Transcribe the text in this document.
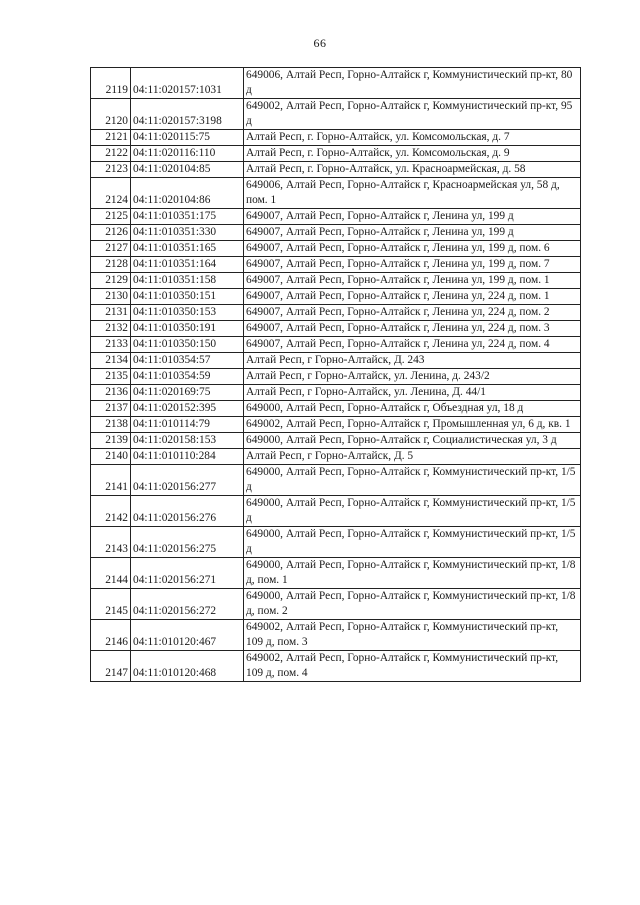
66
2119	04:11:020157:1031	649006, Алтай Респ, Горно-Алтайск г, Коммунистический пр-кт, 80 д
2120	04:11:020157:3198	649002, Алтай Респ, Горно-Алтайск г, Коммунистический пр-кт, 95 д
2121	04:11:020115:75	Алтай Респ, г. Горно-Алтайск, ул. Комсомольская, д. 7
2122	04:11:020116:110	Алтай Респ, г. Горно-Алтайск, ул. Комсомольская, д. 9
2123	04:11:020104:85	Алтай Респ, г. Горно-Алтайск, ул. Красноармейская, д. 58
2124	04:11:020104:86	649006, Алтай Респ, Горно-Алтайск г, Красноармейская ул, 58 д, пом. 1
2125	04:11:010351:175	649007, Алтай Респ, Горно-Алтайск г, Ленина ул, 199 д
2126	04:11:010351:330	649007, Алтай Респ, Горно-Алтайск г, Ленина ул, 199 д
2127	04:11:010351:165	649007, Алтай Респ, Горно-Алтайск г, Ленина ул, 199 д, пом. 6
2128	04:11:010351:164	649007, Алтай Респ, Горно-Алтайск г, Ленина ул, 199 д, пом. 7
2129	04:11:010351:158	649007, Алтай Респ, Горно-Алтайск г, Ленина ул, 199 д, пом. 1
2130	04:11:010350:151	649007, Алтай Респ, Горно-Алтайск г, Ленина ул, 224 д, пом. 1
2131	04:11:010350:153	649007, Алтай Респ, Горно-Алтайск г, Ленина ул, 224 д, пом. 2
2132	04:11:010350:191	649007, Алтай Респ, Горно-Алтайск г, Ленина ул, 224 д, пом. 3
2133	04:11:010350:150	649007, Алтай Респ, Горно-Алтайск г, Ленина ул, 224 д, пом. 4
2134	04:11:010354:57	Алтай Респ, г Горно-Алтайск, Д. 243
2135	04:11:010354:59	Алтай Респ, г Горно-Алтайск, ул. Ленина, д. 243/2
2136	04:11:020169:75	Алтай Респ, г Горно-Алтайск, ул. Ленина, Д. 44/1
2137	04:11:020152:395	649000, Алтай Респ, Горно-Алтайск г, Объездная ул, 18 д
2138	04:11:010114:79	649002, Алтай Респ, Горно-Алтайск г, Промышленная ул, 6 д, кв. 1
2139	04:11:020158:153	649000, Алтай Респ, Горно-Алтайск г, Социалистическая ул, 3 д
2140	04:11:010110:284	Алтай Респ, г Горно-Алтайск, Д. 5
2141	04:11:020156:277	649000, Алтай Респ, Горно-Алтайск г, Коммунистический пр-кт, 1/5 д
2142	04:11:020156:276	649000, Алтай Респ, Горно-Алтайск г, Коммунистический пр-кт, 1/5 д
2143	04:11:020156:275	649000, Алтай Респ, Горно-Алтайск г, Коммунистический пр-кт, 1/5 д
2144	04:11:020156:271	649000, Алтай Респ, Горно-Алтайск г, Коммунистический пр-кт, 1/8 д, пом. 1
2145	04:11:020156:272	649000, Алтай Респ, Горно-Алтайск г, Коммунистический пр-кт, 1/8 д, пом. 2
2146	04:11:010120:467	649002, Алтай Респ, Горно-Алтайск г, Коммунистический пр-кт, 109 д, пом. 3
2147	04:11:010120:468	649002, Алтай Респ, Горно-Алтайск г, Коммунистический пр-кт, 109 д, пом. 4
